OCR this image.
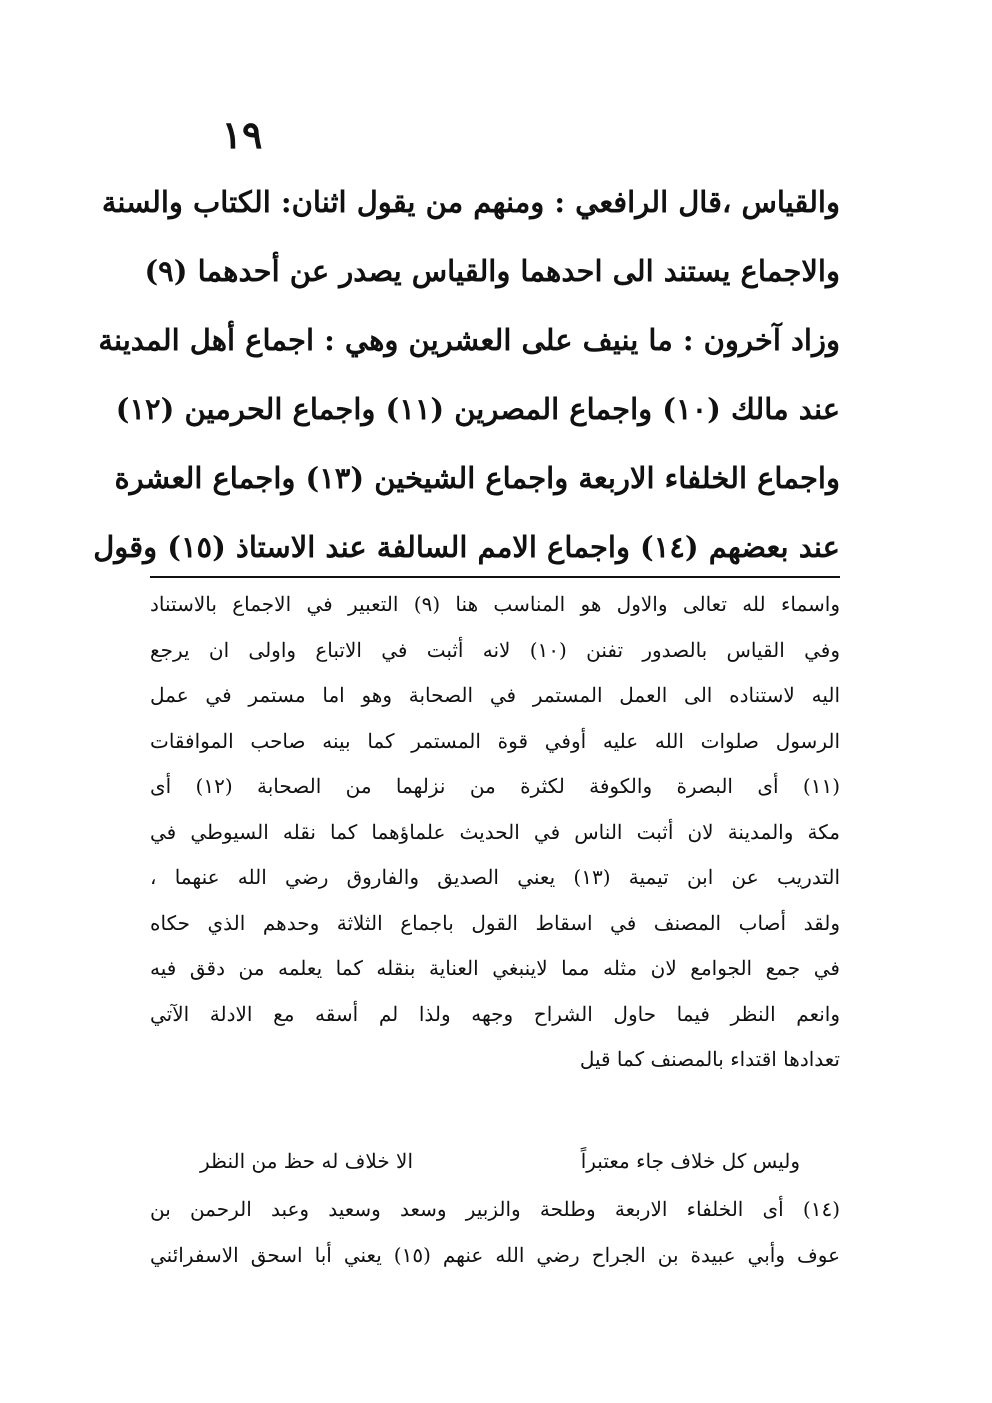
١٩
والقياس ،قال الرافعي : ومنهم من يقول اثنان: الكتاب والسنة
والاجماع يستند الى احدهما والقياس يصدر عن أحدهما (٩)
وزاد آخرون : ما ينيف على العشرين وهي : اجماع أهل المدينة
عند مالك (١٠) واجماع المصرين (١١) واجماع الحرمين (١٢)
واجماع الخلفاء الاربعة واجماع الشيخين (١٣) واجماع العشرة
عند بعضهم (١٤) واجماع الامم السالفة عند الاستاذ (١٥) وقول
واسماء لله تعالى والاول هو المناسب هنا (٩) التعبير في الاجماع بالاستناد
وفي القياس بالصدور تفنن (١٠) لانه أثبت في الاتباع واولى ان يرجع
اليه لاستناده الى العمل المستمر في الصحابة وهو اما مستمر في عمل
الرسول صلوات الله عليه أوفي قوة المستمر كما بينه صاحب الموافقات
(١١) أى البصرة والكوفة لكثرة من نزلهما من الصحابة (١٢) أى
مكة والمدينة لان أثبت الناس في الحديث علماؤهما كما نقله السيوطي في
التدريب عن ابن تيمية (١٣) يعني الصديق والفاروق رضي الله عنهما ،
ولقد أصاب المصنف في اسقاط القول باجماع الثلاثة وحدهم الذي حكاه
في جمع الجوامع لان مثله مما لاينبغي العناية بنقله كما يعلمه من دقق فيه
وانعم النظر فيما حاول الشراح وجهه ولذا لم أسقه مع الادلة الآتي
تعدادها اقتداء بالمصنف كما قيل
وليس كل خلاف جاء معتبراً
الا خلاف له حظ من النظر
(١٤) أى الخلفاء الاربعة وطلحة والزبير وسعد وسعيد وعبد الرحمن بن
عوف وأبي عبيدة بن الجراح رضي الله عنهم (١٥) يعني أبا اسحق الاسفرائني
